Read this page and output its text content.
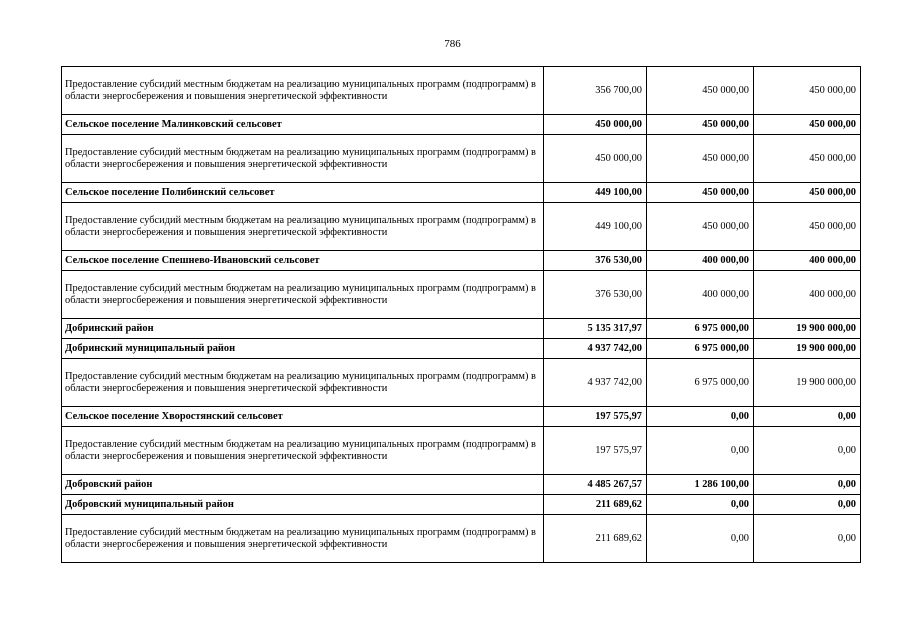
786
Предоставление субсидий местным бюджетам на реализацию муниципальных программ (подпрограмм) в области энергосбережения и повышения энергетической эффективности	356 700,00	450 000,00	450 000,00
Сельское поселение Малинковский сельсовет	450 000,00	450 000,00	450 000,00
Предоставление субсидий местным бюджетам на реализацию муниципальных программ (подпрограмм) в области энергосбережения и повышения энергетической эффективности	450 000,00	450 000,00	450 000,00
Сельское поселение Полибинский сельсовет	449 100,00	450 000,00	450 000,00
Предоставление субсидий местным бюджетам на реализацию муниципальных программ (подпрограмм) в области энергосбережения и повышения энергетической эффективности	449 100,00	450 000,00	450 000,00
Сельское поселение Спешнево-Ивановский сельсовет	376 530,00	400 000,00	400 000,00
Предоставление субсидий местным бюджетам на реализацию муниципальных программ (подпрограмм) в области энергосбережения и повышения энергетической эффективности	376 530,00	400 000,00	400 000,00
Добринский район	5 135 317,97	6 975 000,00	19 900 000,00
Добринский муниципальный район	4 937 742,00	6 975 000,00	19 900 000,00
Предоставление субсидий местным бюджетам на реализацию муниципальных программ (подпрограмм) в области энергосбережения и повышения энергетической эффективности	4 937 742,00	6 975 000,00	19 900 000,00
Сельское поселение Хворостянский сельсовет	197 575,97	0,00	0,00
Предоставление субсидий местным бюджетам на реализацию муниципальных программ (подпрограмм) в области энергосбережения и повышения энергетической эффективности	197 575,97	0,00	0,00
Добровский район	4 485 267,57	1 286 100,00	0,00
Добровский муниципальный район	211 689,62	0,00	0,00
Предоставление субсидий местным бюджетам на реализацию муниципальных программ (подпрограмм) в области энергосбережения и повышения энергетической эффективности	211 689,62	0,00	0,00
